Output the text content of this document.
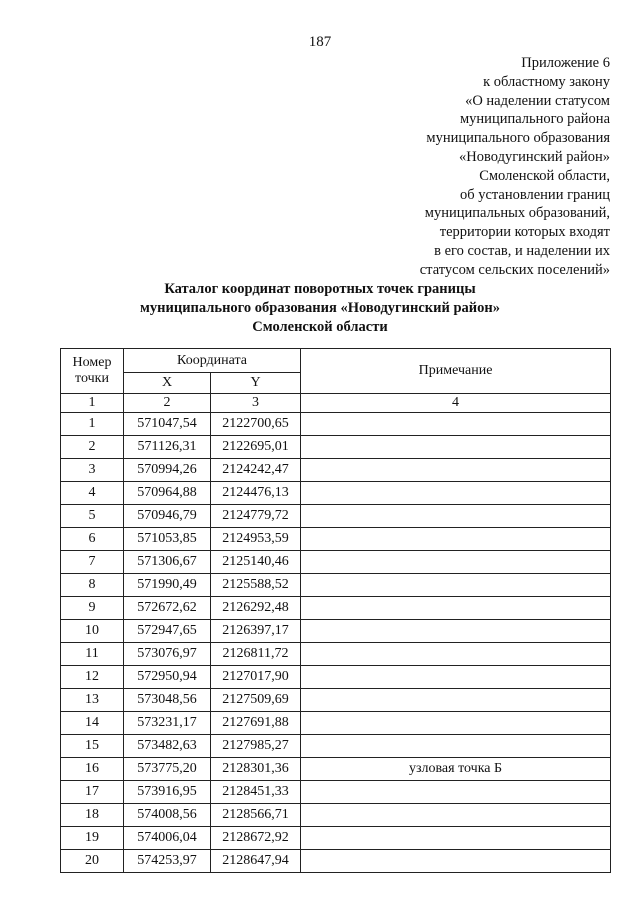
187
Приложение 6
к областному закону
«О наделении статусом
муниципального района
муниципального образования
«Новодугинский район»
Смоленской области,
об установлении границ
муниципальных образований,
территории которых входят
в его состав, и наделении их
статусом сельских поселений»
Каталог координат поворотных точек границы
муниципального образования «Новодугинский район»
Смоленской области
Номер
точки	Координата		Примечание
	X	Y	
1	2	3	4
1	571047,54	2122700,65	
2	571126,31	2122695,01	
3	570994,26	2124242,47	
4	570964,88	2124476,13	
5	570946,79	2124779,72	
6	571053,85	2124953,59	
7	571306,67	2125140,46	
8	571990,49	2125588,52	
9	572672,62	2126292,48	
10	572947,65	2126397,17	
11	573076,97	2126811,72	
12	572950,94	2127017,90	
13	573048,56	2127509,69	
14	573231,17	2127691,88	
15	573482,63	2127985,27	
16	573775,20	2128301,36	узловая точка Б
17	573916,95	2128451,33	
18	574008,56	2128566,71	
19	574006,04	2128672,92	
20	574253,97	2128647,94	
